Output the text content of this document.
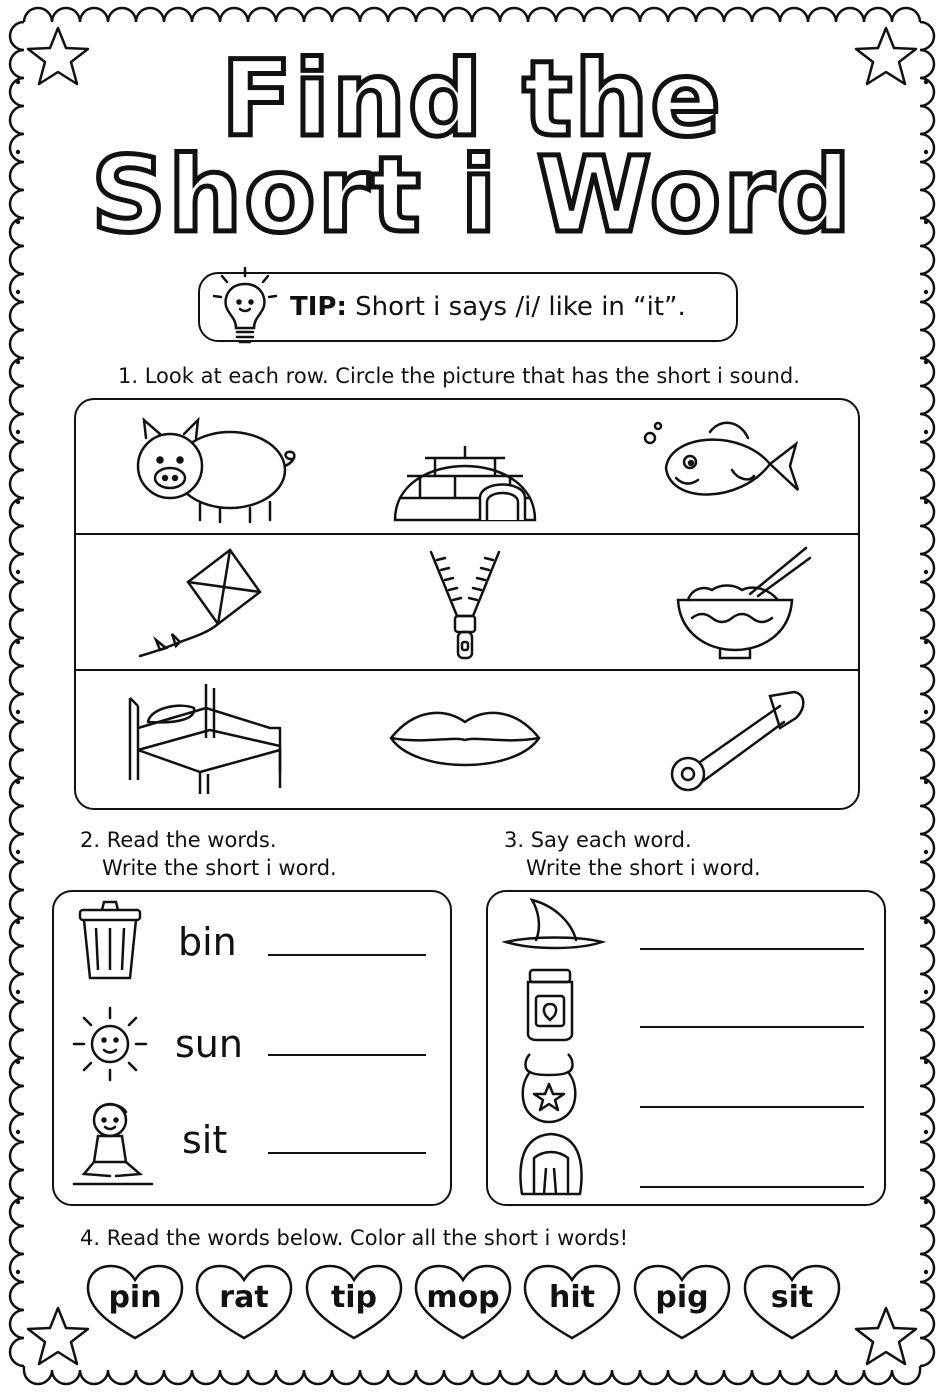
Find the
Short i Word
TIP: Short i says /i/ like in “it”.
1. Look at each row. Circle the picture that has the short i sound.
2. Read the words.
Write the short i word.
bin
sun
sit
3. Say each word.
Write the short i word.
4. Read the words below. Color all the short i words!
pin	rat	tip	mop	hit	pig	sit
